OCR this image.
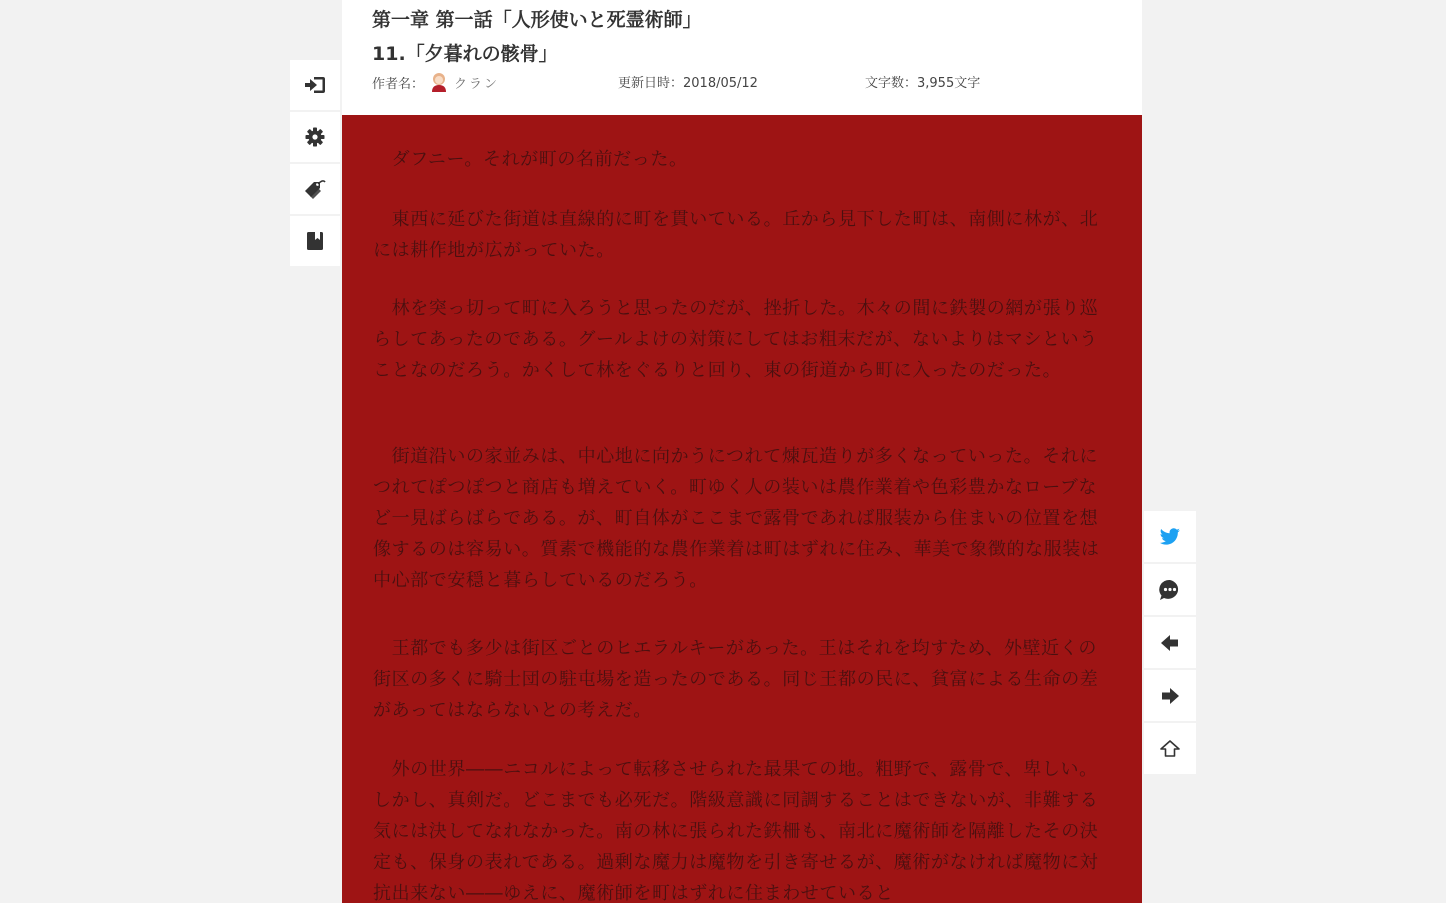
第一章 第一話「人形使いと死霊術師」
11.「夕暮れの骸骨」
作者名： クラン	更新日時：2018/05/12	文字数：3,955文字

　ダフニー。それが町の名前だった。

　東西に延びた街道は直線的に町を貫いている。丘から見下した町は、南側に林が、北には耕作地が広がっていた。

　林を突っ切って町に入ろうと思ったのだが、挫折した。木々の間に鉄製の網が張り巡らしてあったのである。グールよけの対策にしてはお粗末だが、ないよりはマシということなのだろう。かくして林をぐるりと回り、東の街道から町に入ったのだった。

　街道沿いの家並みは、中心地に向かうにつれて煉瓦造りが多くなっていった。それにつれてぽつぽつと商店も増えていく。町ゆく人の装いは農作業着や色彩豊かなローブなど一見ばらばらである。が、町自体がここまで露骨であれば服装から住まいの位置を想像するのは容易い。質素で機能的な農作業着は町はずれに住み、華美で象徴的な服装は中心部で安穏と暮らしているのだろう。

　王都でも多少は街区ごとのヒエラルキーがあった。王はそれを均すため、外壁近くの街区の多くに騎士団の駐屯場を造ったのである。同じ王都の民に、貧富による生命の差があってはならないとの考えだ。

　外の世界――ニコルによって転移させられた最果ての地。粗野で、露骨で、卑しい。しかし、真剣だ。どこまでも必死だ。階級意識に同調することはできないが、非難する気には決してなれなかった。南の林に張られた鉄柵も、南北に魔術師を隔離したその決定も、保身の表れである。過剰な魔力は魔物を引き寄せるが、魔術がなければ魔物に対抗出来ない――ゆえに、魔術師を町はずれに住まわせていると
